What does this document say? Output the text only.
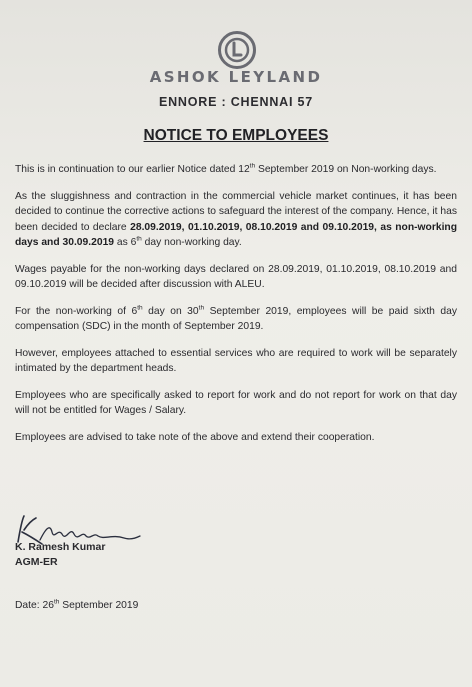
ASHOK LEYLAND
ENNORE : CHENNAI 57
NOTICE TO EMPLOYEES

This is in continuation to our earlier Notice dated 12th September 2019 on Non-working days.

As the sluggishness and contraction in the commercial vehicle market continues, it has been decided to continue the corrective actions to safeguard the interest of the company. Hence, it has been decided to declare 28.09.2019, 01.10.2019, 08.10.2019 and 09.10.2019, as non-working days and 30.09.2019 as 6th day non-working day.

Wages payable for the non-working days declared on 28.09.2019, 01.10.2019, 08.10.2019 and 09.10.2019 will be decided after discussion with ALEU.

For the non-working of 6th day on 30th September 2019, employees will be paid sixth day compensation (SDC) in the month of September 2019.

However, employees attached to essential services who are required to work will be separately intimated by the department heads.

Employees who are specifically asked to report for work and do not report for work on that day will not be entitled for Wages / Salary.

Employees are advised to take note of the above and extend their cooperation.

K. Ramesh Kumar
AGM-ER
Date: 26th September 2019
